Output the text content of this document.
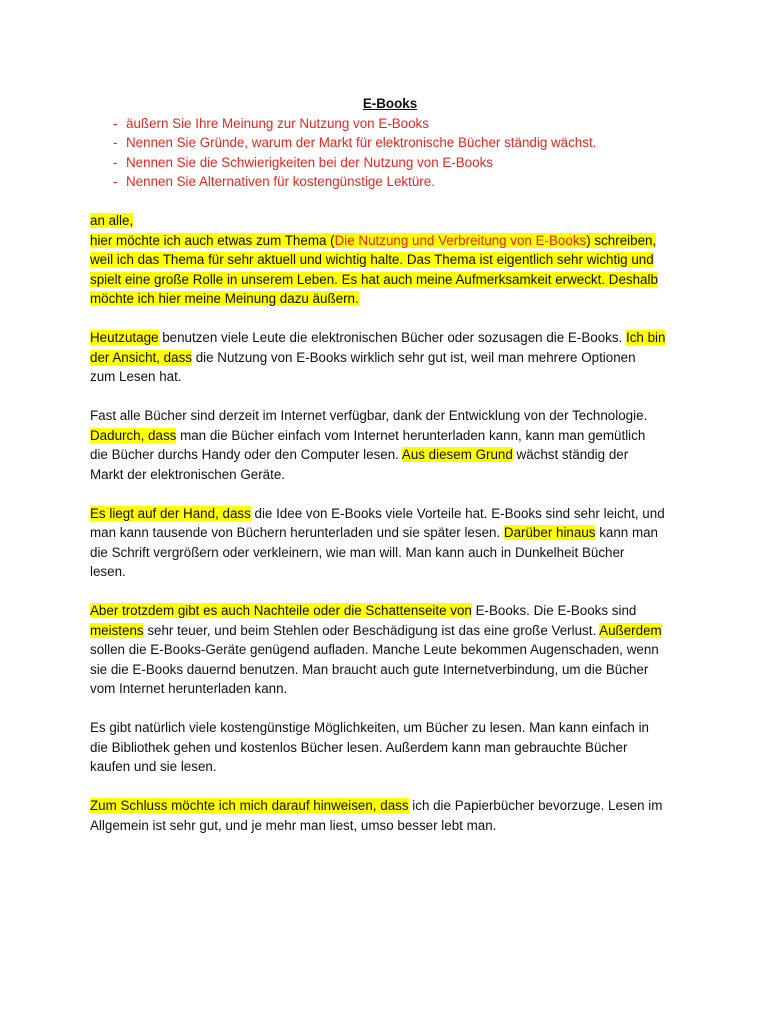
E-Books
- äußern Sie Ihre Meinung zur Nutzung von E-Books
- Nennen Sie Gründe, warum der Markt für elektronische Bücher ständig wächst.
- Nennen Sie die Schwierigkeiten bei der Nutzung von E-Books
- Nennen Sie Alternativen für kostengünstige Lektüre.
an alle,
hier möchte ich auch etwas zum Thema (Die Nutzung und Verbreitung von E-Books) schreiben,
weil ich das Thema für sehr aktuell und wichtig halte. Das Thema ist eigentlich sehr wichtig und
spielt eine große Rolle in unserem Leben. Es hat auch meine Aufmerksamkeit erweckt. Deshalb
möchte ich hier meine Meinung dazu äußern.
Heutzutage benutzen viele Leute die elektronischen Bücher oder sozusagen die E-Books. Ich bin
der Ansicht, dass die Nutzung von E-Books wirklich sehr gut ist, weil man mehrere Optionen
zum Lesen hat.
Fast alle Bücher sind derzeit im Internet verfügbar, dank der Entwicklung von der Technologie.
Dadurch, dass man die Bücher einfach vom Internet herunterladen kann, kann man gemütlich
die Bücher durchs Handy oder den Computer lesen. Aus diesem Grund wächst ständig der
Markt der elektronischen Geräte.
Es liegt auf der Hand, dass die Idee von E-Books viele Vorteile hat. E-Books sind sehr leicht, und
man kann tausende von Büchern herunterladen und sie später lesen. Darüber hinaus kann man
die Schrift vergrößern oder verkleinern, wie man will. Man kann auch in Dunkelheit Bücher
lesen.
Aber trotzdem gibt es auch Nachteile oder die Schattenseite von E-Books. Die E-Books sind
meistens sehr teuer, und beim Stehlen oder Beschädigung ist das eine große Verlust. Außerdem
sollen die E-Books-Geräte genügend aufladen. Manche Leute bekommen Augenschaden, wenn
sie die E-Books dauernd benutzen. Man braucht auch gute Internetverbindung, um die Bücher
vom Internet herunterladen kann.
Es gibt natürlich viele kostengünstige Möglichkeiten, um Bücher zu lesen. Man kann einfach in
die Bibliothek gehen und kostenlos Bücher lesen. Außerdem kann man gebrauchte Bücher
kaufen und sie lesen.
Zum Schluss möchte ich mich darauf hinweisen, dass ich die Papierbücher bevorzuge. Lesen im
Allgemein ist sehr gut, und je mehr man liest, umso besser lebt man.
